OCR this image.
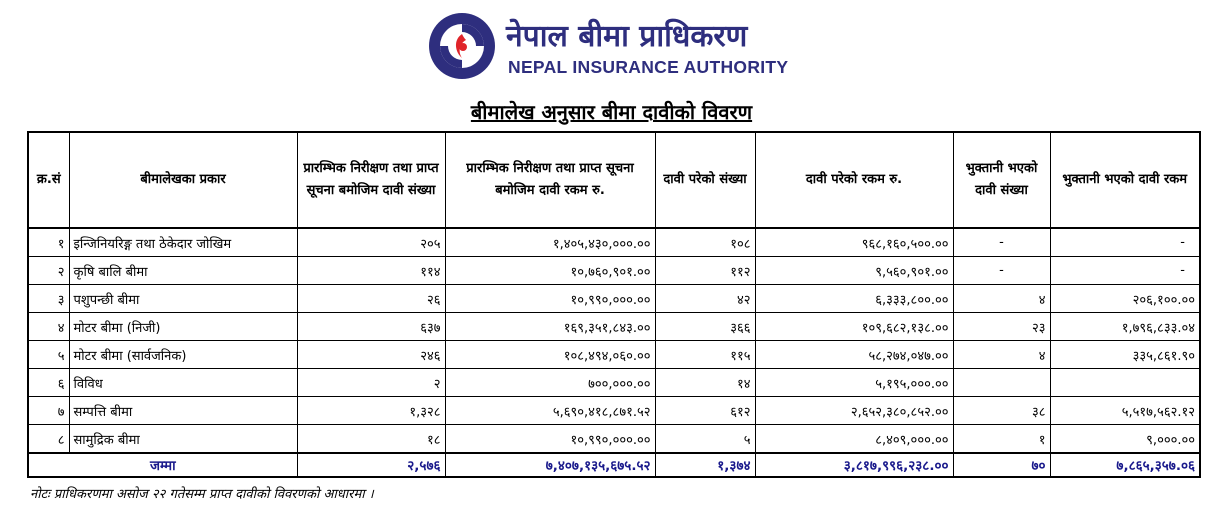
नेपाल बीमा प्राधिकरण
NEPAL INSURANCE AUTHORITY
बीमालेख अनुसार बीमा दावीको विवरण
क्र.सं	बीमालेखका प्रकार	प्रारम्भिक निरीक्षण तथा प्राप्त सूचना बमोजिम दावी संख्या	प्रारम्भिक निरीक्षण तथा प्राप्त सूचना बमोजिम दावी रकम रु.	दावी परेको संख्या	दावी परेको रकम रु.	भुक्तानी भएको दावी संख्या	भुक्तानी भएको दावी रकम
१	इन्जिनियरिङ्ग तथा ठेकेदार जोखिम	२०५	१,४०५,४३०,०००.००	१०८	९६८,१६०,५००.००	-	-
२	कृषि बालि बीमा	११४	१०,७६०,९०१.००	११२	९,५६०,९०१.००	-	-
३	पशुपन्छी बीमा	२६	१०,९९०,०००.००	४२	६,३३३,८००.००	४	२०६,१००.००
४	मोटर बीमा (निजी)	६३७	१६९,३५१,८४३.००	३६६	१०९,६८२,१३८.००	२३	१,७९६,८३३.०४
५	मोटर बीमा (सार्वजनिक)	२४६	१०८,४९४,०६०.००	११५	५८,२७४,०४७.००	४	३३५,८६१.९०
६	विविध	२	७००,०००.००	१४	५,१९५,०००.००		
७	सम्पत्ति बीमा	१,३२८	५,६९०,४१८,८७१.५२	६१२	२,६५२,३८०,८५२.००	३८	५,५१७,५६२.१२
८	सामुद्रिक बीमा	१८	१०,९९०,०००.००	५	८,४०९,०००.००	१	९,०००.००
जम्मा		२,५७६	७,४०७,१३५,६७५.५२	१,३७४	३,८१७,९९६,२३८.००	७०	७,८६५,३५७.०६
नोटः प्राधिकरणमा असोज २२ गतेसम्म प्राप्त दावीको विवरणको आधारमा ।
